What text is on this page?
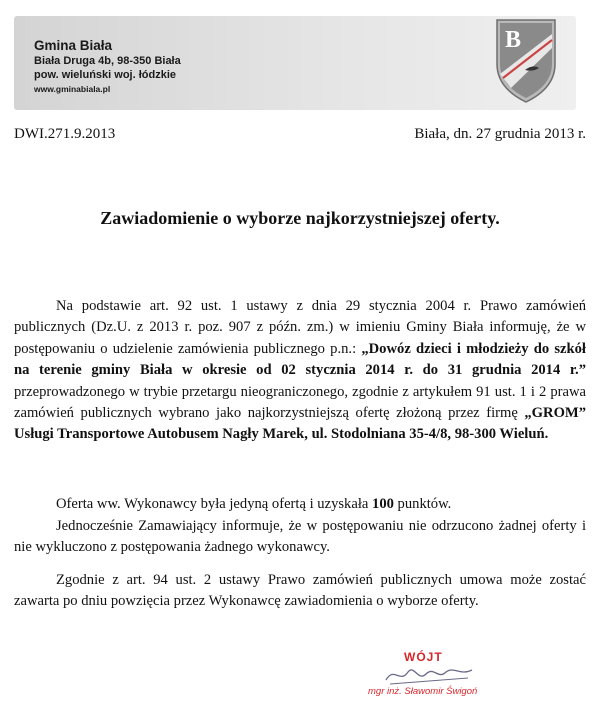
Gmina Biała
Biała Druga 4b, 98-350 Biała
pow. wieluński woj. łódzkie
www.gminabiala.pl
B
DWI.271.9.2013	Biała, dn. 27 grudnia 2013 r.
Zawiadomienie o wyborze najkorzystniejszej oferty.
Na podstawie art. 92 ust. 1 ustawy z dnia 29 stycznia 2004 r. Prawo zamówień publicznych (Dz.U. z 2013 r. poz. 907 z późn. zm.) w imieniu Gminy Biała informuję, że w postępowaniu o udzielenie zamówienia publicznego p.n.: „Dowóz dzieci i młodzieży do szkół na terenie gminy Biała w okresie od 02 stycznia 2014 r. do 31 grudnia 2014 r.” przeprowadzonego w trybie przetargu nieograniczonego, zgodnie z artykułem 91 ust. 1 i 2 prawa zamówień publicznych wybrano jako najkorzystniejszą ofertę złożoną przez firmę „GROM” Usługi Transportowe Autobusem Nagły Marek, ul. Stodolniana 35-4/8, 98-300 Wieluń.
Oferta ww. Wykonawcy była jedyną ofertą i uzyskała 100 punktów.
Jednocześnie Zamawiający informuje, że w postępowaniu nie odrzucono żadnej oferty i nie wykluczono z postępowania żadnego wykonawcy.
Zgodnie z art. 94 ust. 2 ustawy Prawo zamówień publicznych umowa może zostać zawarta po dniu powzięcia przez Wykonawcę zawiadomienia o wyborze oferty.
WÓJT
mgr inż. Sławomir Świgoń
